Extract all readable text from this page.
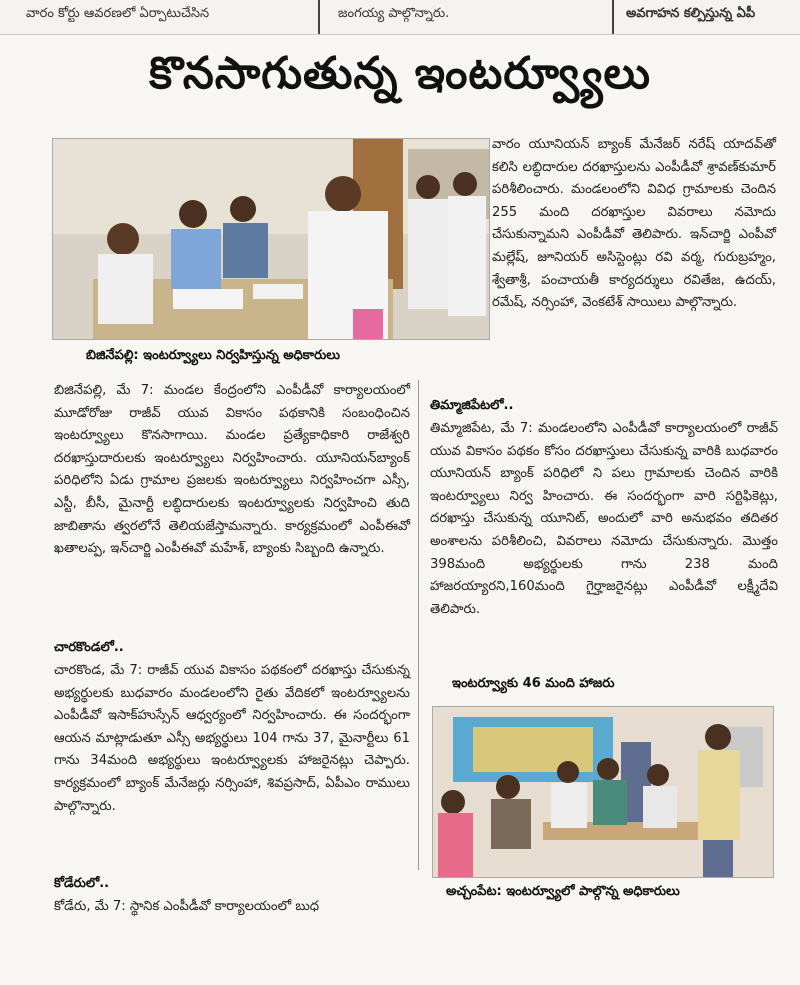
వారం కోర్టు ఆవరణలో ఏర్పాటుచేసిన	జంగయ్య పాల్గొన్నారు.	అవగాహన కల్పిస్తున్న ఏపీ
కొనసాగుతున్న ఇంటర్వ్యూలు
బిజినేపల్లి: ఇంటర్వ్యూలు నిర్వహిస్తున్న అధికారులు
వారం యూనియన్ బ్యాంక్ మేనేజర్ నరేష్ యాదవ్‌తో కలిసి లబ్ధిదారుల దరఖాస్తులను ఎంపీడీవో శ్రావణ్‌కుమార్ పరిశీలించారు. మండలంలోని వివిధ గ్రామాలకు చెందిన 255 మంది దరఖాస్తుల వివరాలు నమోదు చేసుకున్నామని ఎంపీడీవో తెలిపారు. ఇన్‌చార్జి ఎంపీవో మల్లేష్, జూనియర్ అసిస్టెంట్లు రవి వర్మ, గురుబ్రహ్మం, శ్వేతాశ్రీ, పంచాయతీ కార్యదర్శులు రవితేజ, ఉదయ్, రమేష్, నర్సింహా, వెంకటేశ్ సాయిలు పాల్గొన్నారు.
తిమ్మాజిపేటలో..
తిమ్మాజిపేట, మే 7: మండలంలోని ఎంపీడీవో కార్యాలయంలో రాజీవ్ యువ వికాసం పథకం కోసం దరఖాస్తులు చేసుకున్న వారికి బుధవారం యూనియన్ బ్యాంక్ పరిధిలో ని పలు గ్రామాలకు చెందిన వారికి ఇంటర్వ్యూలు నిర్వ హించారు. ఈ సందర్భంగా వారి సర్టిఫికెట్లు, దరఖాస్తు చేసుకున్న యూనిట్, అందులో వారి అనుభవం తదితర అంశాలను పరిశీలించి, వివరాలు నమోదు చేసుకున్నారు. మొత్తం 398మంది అభ్యర్థులకు గాను 238 మంది హాజరయ్యారని,160మంది గైర్హాజరైనట్లు ఎంపీడీవో లక్ష్మీదేవి తెలిపారు.
ఇంటర్వ్యూకు 46 మంది హాజరు
అచ్చంపేట: ఇంటర్వ్యూలో పాల్గొన్న అధికారులు
బిజినేపల్లి, మే 7: మండల కేంద్రంలోని ఎంపీడీవో కార్యాలయంలో మూడోరోజు రాజీవ్ యువ వికాసం పథకానికి సంబంధించిన ఇంటర్వ్యూలు కొనసాగాయి. మండల ప్రత్యేకాధికారి రాజేశ్వరి దరఖాస్తుదారులకు ఇంటర్వ్యూలు నిర్వహించారు. యూనియన్‌బ్యాంక్ పరిధిలోని ఏడు గ్రామాల ప్రజలకు ఇంటర్వ్యూలు నిర్వహించగా ఎస్సీ, ఎస్టీ, బీసీ, మైనార్టీ లబ్ధిదారులకు ఇంటర్వ్యూలకు నిర్వహించి తుది జాబితాను త్వరలోనే తెలియజేస్తామన్నారు. కార్యక్రమంలో ఎంపీఈవో ఖతాలప్ప, ఇన్‌చార్జి ఎంపీఈవో మహేశ్, బ్యాంకు సిబ్బంది ఉన్నారు.
చారకొండలో..
చారకొండ, మే 7: రాజీవ్ యువ వికాసం పథకంలో దరఖాస్తు చేసుకున్న అభ్యర్థులకు బుధవారం మండలంలోని రైతు వేదికలో ఇంటర్వ్యూలను ఎంపీడీవో ఇసాక్‌హుస్సేన్ ఆధ్వర్యంలో నిర్వహించారు. ఈ సందర్భంగా ఆయన మాట్లాడుతూ ఎస్సీ అభ్యర్థులు 104 గాను 37, మైనార్టీలు 61 గాను 34మంది అభ్యర్థులు ఇంటర్వ్యూలకు హాజరైనట్లు చెప్పారు. కార్యక్రమంలో బ్యాంక్ మేనేజర్లు నర్సింహా, శివప్రసాద్, ఏపీఎం రాములు పాల్గొన్నారు.
కోడేరులో..
కోడేరు, మే 7: స్థానిక ఎంపీడీవో కార్యాలయంలో బుధ
